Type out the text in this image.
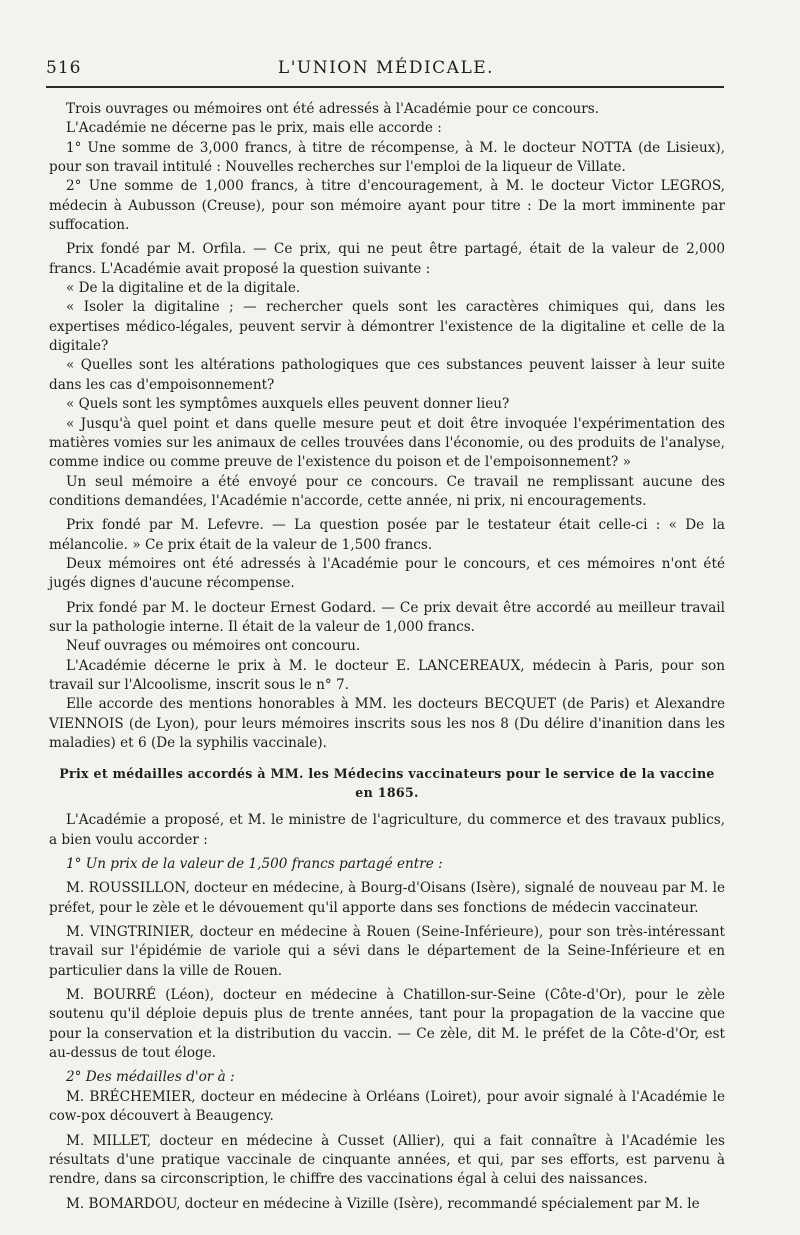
516	L'UNION MÉDICALE.

Trois ouvrages ou mémoires ont été adressés à l'Académie pour ce concours.

L'Académie ne décerne pas le prix, mais elle accorde :

1° Une somme de 3,000 francs, à titre de récompense, à M. le docteur NOTTA (de Lisieux), pour son travail intitulé : Nouvelles recherches sur l'emploi de la liqueur de Villate.

2° Une somme de 1,000 francs, à titre d'encouragement, à M. le docteur Victor LEGROS, médecin à Aubusson (Creuse), pour son mémoire ayant pour titre : De la mort imminente par suffocation.

Prix fondé par M. Orfila. — Ce prix, qui ne peut être partagé, était de la valeur de 2,000 francs. L'Académie avait proposé la question suivante :

« De la digitaline et de la digitale.

« Isoler la digitaline ; — rechercher quels sont les caractères chimiques qui, dans les expertises médico-légales, peuvent servir à démontrer l'existence de la digitaline et celle de la digitale?

« Quelles sont les altérations pathologiques que ces substances peuvent laisser à leur suite dans les cas d'empoisonnement?

« Quels sont les symptômes auxquels elles peuvent donner lieu?

« Jusqu'à quel point et dans quelle mesure peut et doit être invoquée l'expérimentation des matières vomies sur les animaux de celles trouvées dans l'économie, ou des produits de l'analyse, comme indice ou comme preuve de l'existence du poison et de l'empoisonnement? »

Un seul mémoire a été envoyé pour ce concours. Ce travail ne remplissant aucune des conditions demandées, l'Académie n'accorde, cette année, ni prix, ni encouragements.

Prix fondé par M. Lefevre. — La question posée par le testateur était celle-ci : « De la mélancolie. » Ce prix était de la valeur de 1,500 francs.

Deux mémoires ont été adressés à l'Académie pour le concours, et ces mémoires n'ont été jugés dignes d'aucune récompense.

Prix fondé par M. le docteur Ernest Godard. — Ce prix devait être accordé au meilleur travail sur la pathologie interne. Il était de la valeur de 1,000 francs.

Neuf ouvrages ou mémoires ont concouru.

L'Académie décerne le prix à M. le docteur E. LANCEREAUX, médecin à Paris, pour son travail sur l'Alcoolisme, inscrit sous le n° 7.

Elle accorde des mentions honorables à MM. les docteurs BECQUET (de Paris) et Alexandre VIENNOIS (de Lyon), pour leurs mémoires inscrits sous les nos 8 (Du délire d'inanition dans les maladies) et 6 (De la syphilis vaccinale).

Prix et médailles accordés à MM. les Médecins vaccinateurs pour le service de la vaccine en 1865.

L'Académie a proposé, et M. le ministre de l'agriculture, du commerce et des travaux publics, a bien voulu accorder :

1° Un prix de la valeur de 1,500 francs partagé entre :

M. ROUSSILLON, docteur en médecine, à Bourg-d'Oisans (Isère), signalé de nouveau par M. le préfet, pour le zèle et le dévouement qu'il apporte dans ses fonctions de médecin vaccinateur.

M. VINGTRINIER, docteur en médecine à Rouen (Seine-Inférieure), pour son très-intéressant travail sur l'épidémie de variole qui a sévi dans le département de la Seine-Inférieure et en particulier dans la ville de Rouen.

M. BOURRÉ (Léon), docteur en médecine à Chatillon-sur-Seine (Côte-d'Or), pour le zèle soutenu qu'il déploie depuis plus de trente années, tant pour la propagation de la vaccine que pour la conservation et la distribution du vaccin. — Ce zèle, dit M. le préfet de la Côte-d'Or, est au-dessus de tout éloge.

2° Des médailles d'or à :

M. BRÉCHEMIER, docteur en médecine à Orléans (Loiret), pour avoir signalé à l'Académie le cow-pox découvert à Beaugency.

M. MILLET, docteur en médecine à Cusset (Allier), qui a fait connaître à l'Académie les résultats d'une pratique vaccinale de cinquante années, et qui, par ses efforts, est parvenu à rendre, dans sa circonscription, le chiffre des vaccinations égal à celui des naissances.

M. BOMARDOU, docteur en médecine à Vizille (Isère), recommandé spécialement par M. le
